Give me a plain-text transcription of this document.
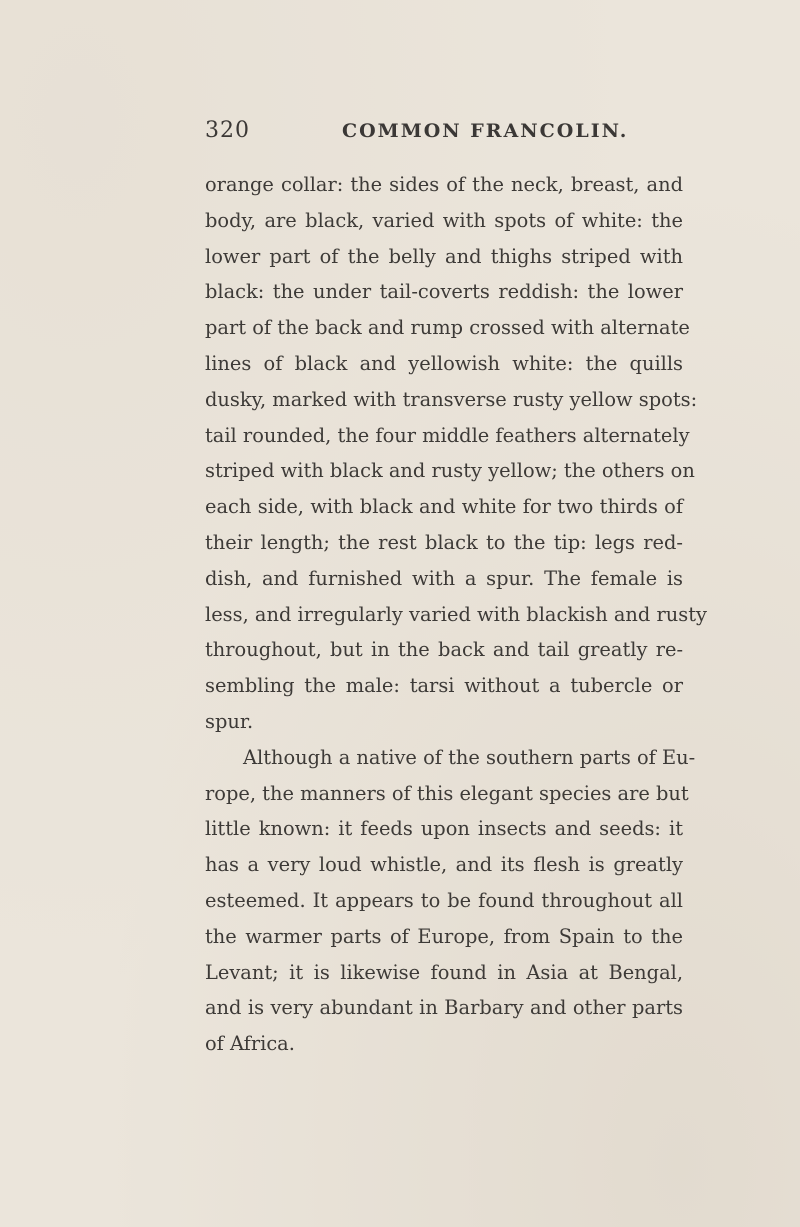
320	COMMON FRANCOLIN.
orange collar: the sides of the neck, breast, and
body, are black, varied with spots of white: the
lower part of the belly and thighs striped with
black: the under tail-coverts reddish: the lower
part of the back and rump crossed with alternate
lines of black and yellowish white: the quills
dusky, marked with transverse rusty yellow spots:
tail rounded, the four middle feathers alternately
striped with black and rusty yellow; the others on
each side, with black and white for two thirds of
their length; the rest black to the tip: legs red-
dish, and furnished with a spur. The female is
less, and irregularly varied with blackish and rusty
throughout, but in the back and tail greatly re-
sembling the male: tarsi without a tubercle or
spur.
Although a native of the southern parts of Eu-
rope, the manners of this elegant species are but
little known: it feeds upon insects and seeds: it
has a very loud whistle, and its flesh is greatly
esteemed. It appears to be found throughout all
the warmer parts of Europe, from Spain to the
Levant; it is likewise found in Asia at Bengal,
and is very abundant in Barbary and other parts
of Africa.
